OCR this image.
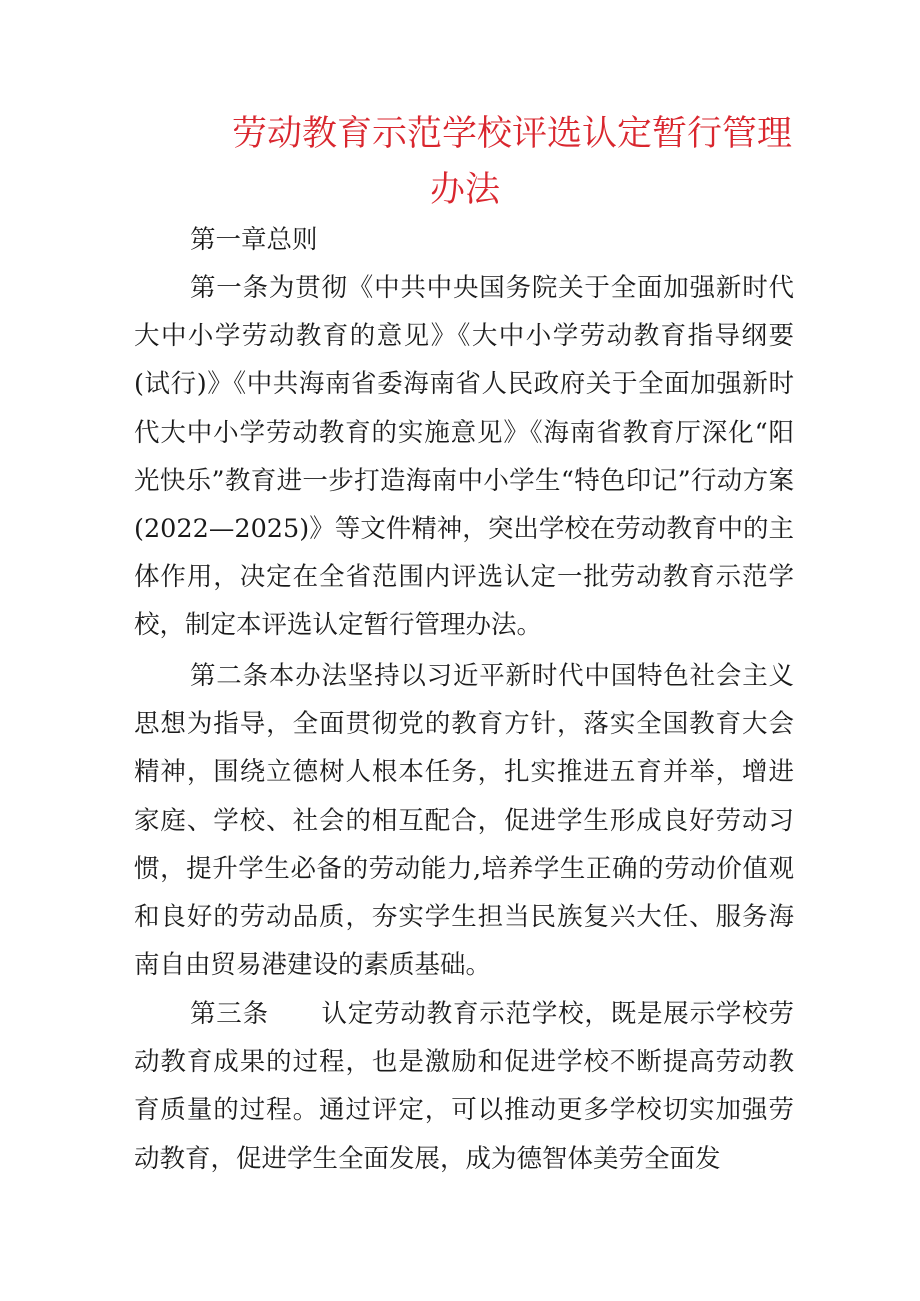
劳动教育示范学校评选认定暂行管理
办法

第一章总则

第一条为贯彻《中共中央国务院关于全面加强新时代大中小学劳动教育的意见》《大中小学劳动教育指导纲要(试行)》《中共海南省委海南省人民政府关于全面加强新时代大中小学劳动教育的实施意见》《海南省教育厅深化“阳光快乐”教育进一步打造海南中小学生“特色印记”行动方案(2022—2025)》等文件精神，突出学校在劳动教育中的主体作用，决定在全省范围内评选认定一批劳动教育示范学校，制定本评选认定暂行管理办法。

第二条本办法坚持以习近平新时代中国特色社会主义思想为指导，全面贯彻党的教育方针，落实全国教育大会精神，围绕立德树人根本任务，扎实推进五育并举，增进家庭、学校、社会的相互配合，促进学生形成良好劳动习惯，提升学生必备的劳动能力,培养学生正确的劳动价值观和良好的劳动品质，夯实学生担当民族复兴大任、服务海南自由贸易港建设的素质基础。

第三条　　认定劳动教育示范学校，既是展示学校劳动教育成果的过程，也是激励和促进学校不断提高劳动教育质量的过程。通过评定，可以推动更多学校切实加强劳动教育，促进学生全面发展，成为德智体美劳全面发
